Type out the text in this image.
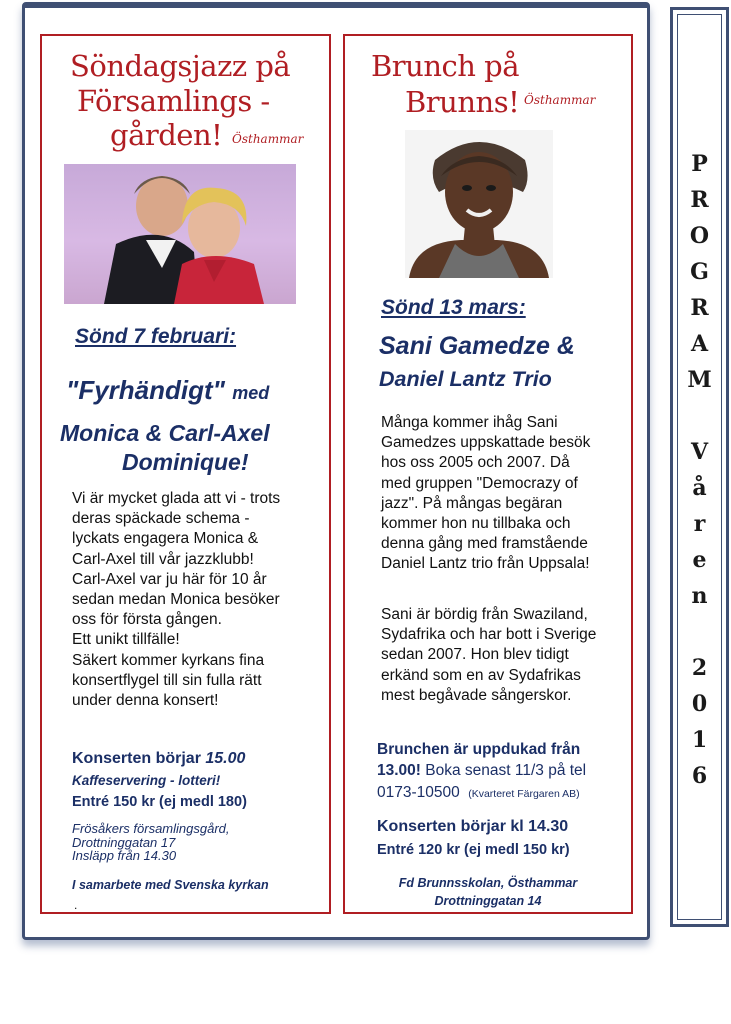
Söndagsjazz på
Församlings -
gården! Östhammar
Sönd 7 februari:
"Fyrhändigt" med
Monica & Carl-Axel
Dominique!
Vi är mycket glada att vi - trots
deras späckade schema -
lyckats engagera Monica &
Carl-Axel till vår jazzklubb!
Carl-Axel var ju här för 10 år
sedan medan Monica besöker
oss för första gången.
Ett unikt tillfälle!
Säkert kommer kyrkans fina
konsertflygel till sin fulla rätt
under denna konsert!
Konserten börjar 15.00
Kaffeservering - lotteri!
Entré 150 kr (ej medl 180)
Frösåkers församlingsgård,
Drottninggatan 17
Insläpp från 14.30
I samarbete med Svenska kyrkan
.
Brunch på
Brunns! Östhammar
Sönd 13 mars:
Sani Gamedze &
Daniel Lantz Trio
Många kommer ihåg Sani
Gamedzes uppskattade besök
hos oss 2005 och 2007. Då
med gruppen "Democrazy of
jazz". På mångas begäran
kommer hon nu tillbaka och
denna gång med framstående
Daniel Lantz trio från Uppsala!
Sani är bördig från Swaziland,
Sydafrika och har bott i Sverige
sedan 2007. Hon blev tidigt
erkänd som en av Sydafrikas
mest begåvade sångerskor.
Brunchen är uppdukad från
13.00! Boka senast 11/3 på tel
0173-10500 (Kvarteret Färgaren AB)
Konserten börjar kl 14.30
Entré 120 kr (ej medl 150 kr)
Fd Brunnsskolan, Östhammar
Drottninggatan 14
P
R
O
G
R
A
M
V
å
r
e
n
2
0
1
6
